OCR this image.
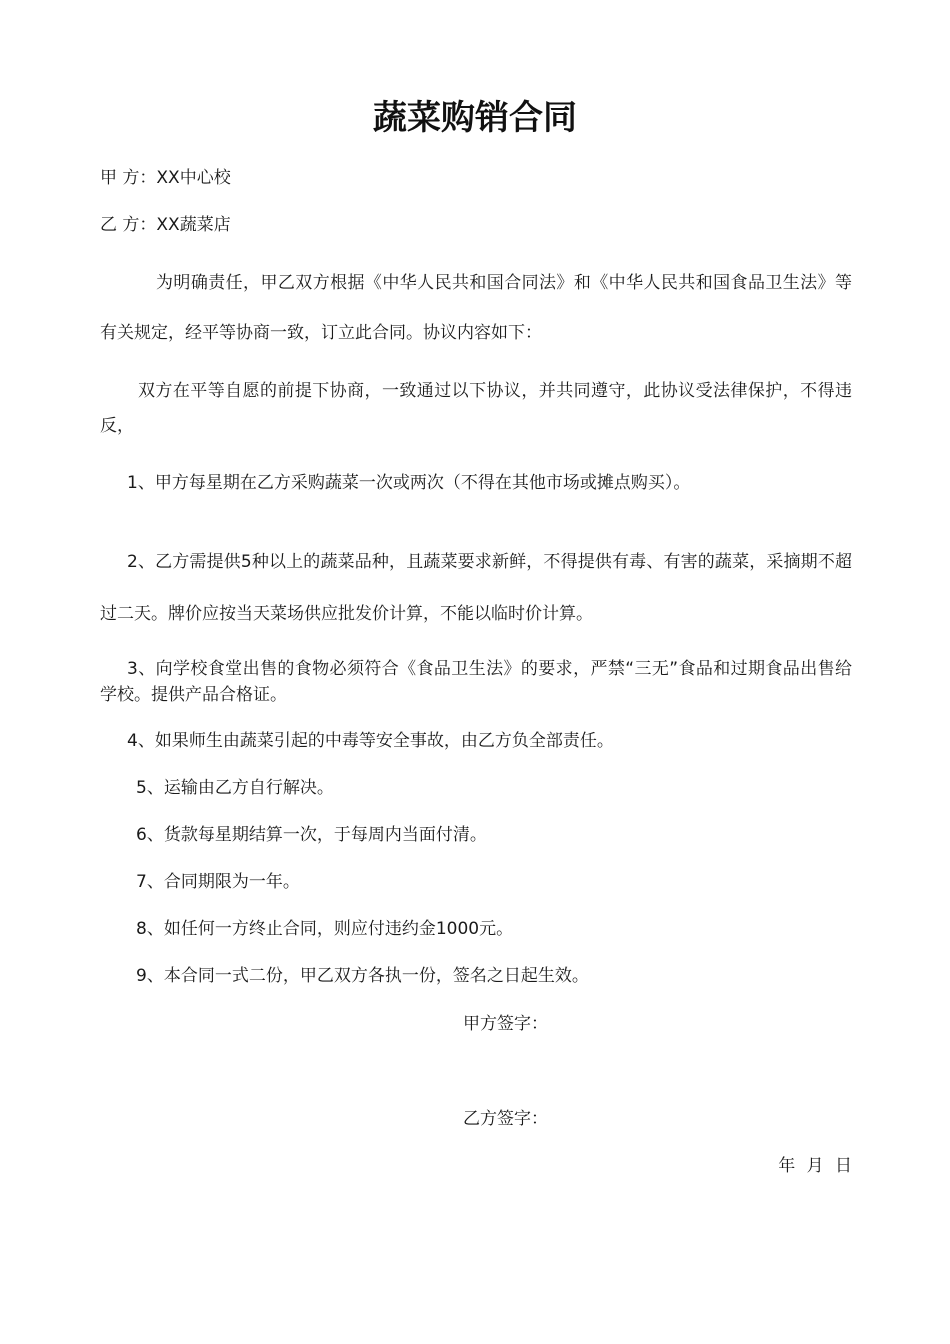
蔬菜购销合同
甲 方：XX中心校
乙 方：XX蔬菜店
为明确责任，甲乙双方根据《中华人民共和国合同法》和《中华人民共和国食品卫生法》等有关规定，经平等协商一致，订立此合同。协议内容如下：
双方在平等自愿的前提下协商，一致通过以下协议，并共同遵守，此协议受法律保护，不得违反，
1、甲方每星期在乙方采购蔬菜一次或两次（不得在其他市场或摊点购买）。
2、乙方需提供5种以上的蔬菜品种，且蔬菜要求新鲜，不得提供有毒、有害的蔬菜，采摘期不超过二天。牌价应按当天菜场供应批发价计算，不能以临时价计算。
3、向学校食堂出售的食物必须符合《食品卫生法》的要求，严禁“三无”食品和过期食品出售给学校。提供产品合格证。
4、如果师生由蔬菜引起的中毒等安全事故，由乙方负全部责任。
5、运输由乙方自行解决。
6、货款每星期结算一次，于每周内当面付清。
7、合同期限为一年。
8、如任何一方终止合同，则应付违约金1000元。
9、本合同一式二份，甲乙双方各执一份，签名之日起生效。
甲方签字：
乙方签字：
年 月 日
